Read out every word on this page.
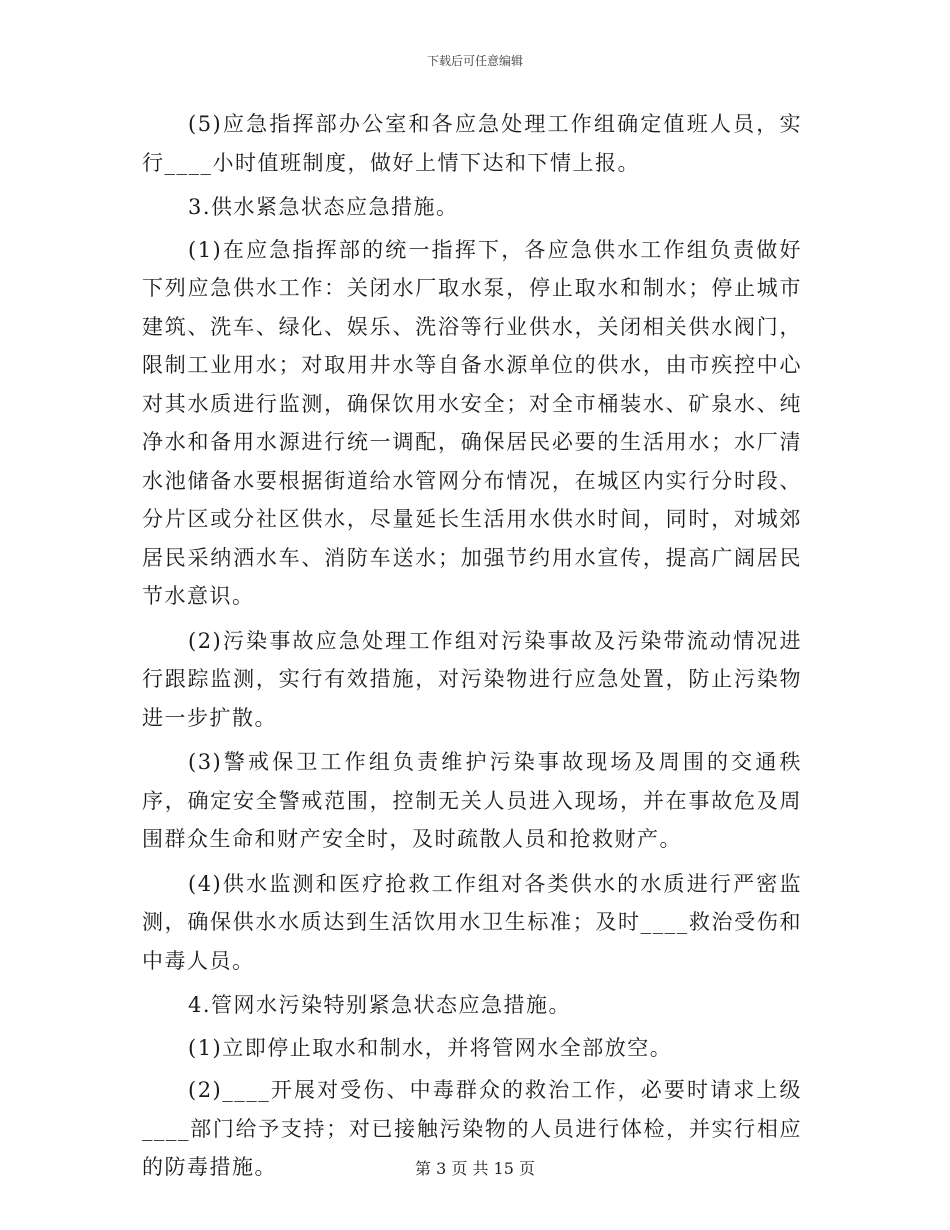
下载后可任意编辑

(5)应急指挥部办公室和各应急处理工作组确定值班人员，实行____小时值班制度，做好上情下达和下情上报。

3.供水紧急状态应急措施。

(1)在应急指挥部的统一指挥下，各应急供水工作组负责做好下列应急供水工作：关闭水厂取水泵，停止取水和制水；停止城市建筑、洗车、绿化、娱乐、洗浴等行业供水，关闭相关供水阀门，限制工业用水；对取用井水等自备水源单位的供水，由市疾控中心对其水质进行监测，确保饮用水安全；对全市桶装水、矿泉水、纯净水和备用水源进行统一调配，确保居民必要的生活用水；水厂清水池储备水要根据街道给水管网分布情况，在城区内实行分时段、分片区或分社区供水，尽量延长生活用水供水时间，同时，对城郊居民采纳洒水车、消防车送水；加强节约用水宣传，提高广阔居民节水意识。

(2)污染事故应急处理工作组对污染事故及污染带流动情况进行跟踪监测，实行有效措施，对污染物进行应急处置，防止污染物进一步扩散。

(3)警戒保卫工作组负责维护污染事故现场及周围的交通秩序，确定安全警戒范围，控制无关人员进入现场，并在事故危及周围群众生命和财产安全时，及时疏散人员和抢救财产。

(4)供水监测和医疗抢救工作组对各类供水的水质进行严密监测，确保供水水质达到生活饮用水卫生标准；及时____救治受伤和中毒人员。

4.管网水污染特别紧急状态应急措施。

(1)立即停止取水和制水，并将管网水全部放空。

(2)____开展对受伤、中毒群众的救治工作，必要时请求上级____部门给予支持；对已接触污染物的人员进行体检，并实行相应的防毒措施。	第 3 页 共 15 页
